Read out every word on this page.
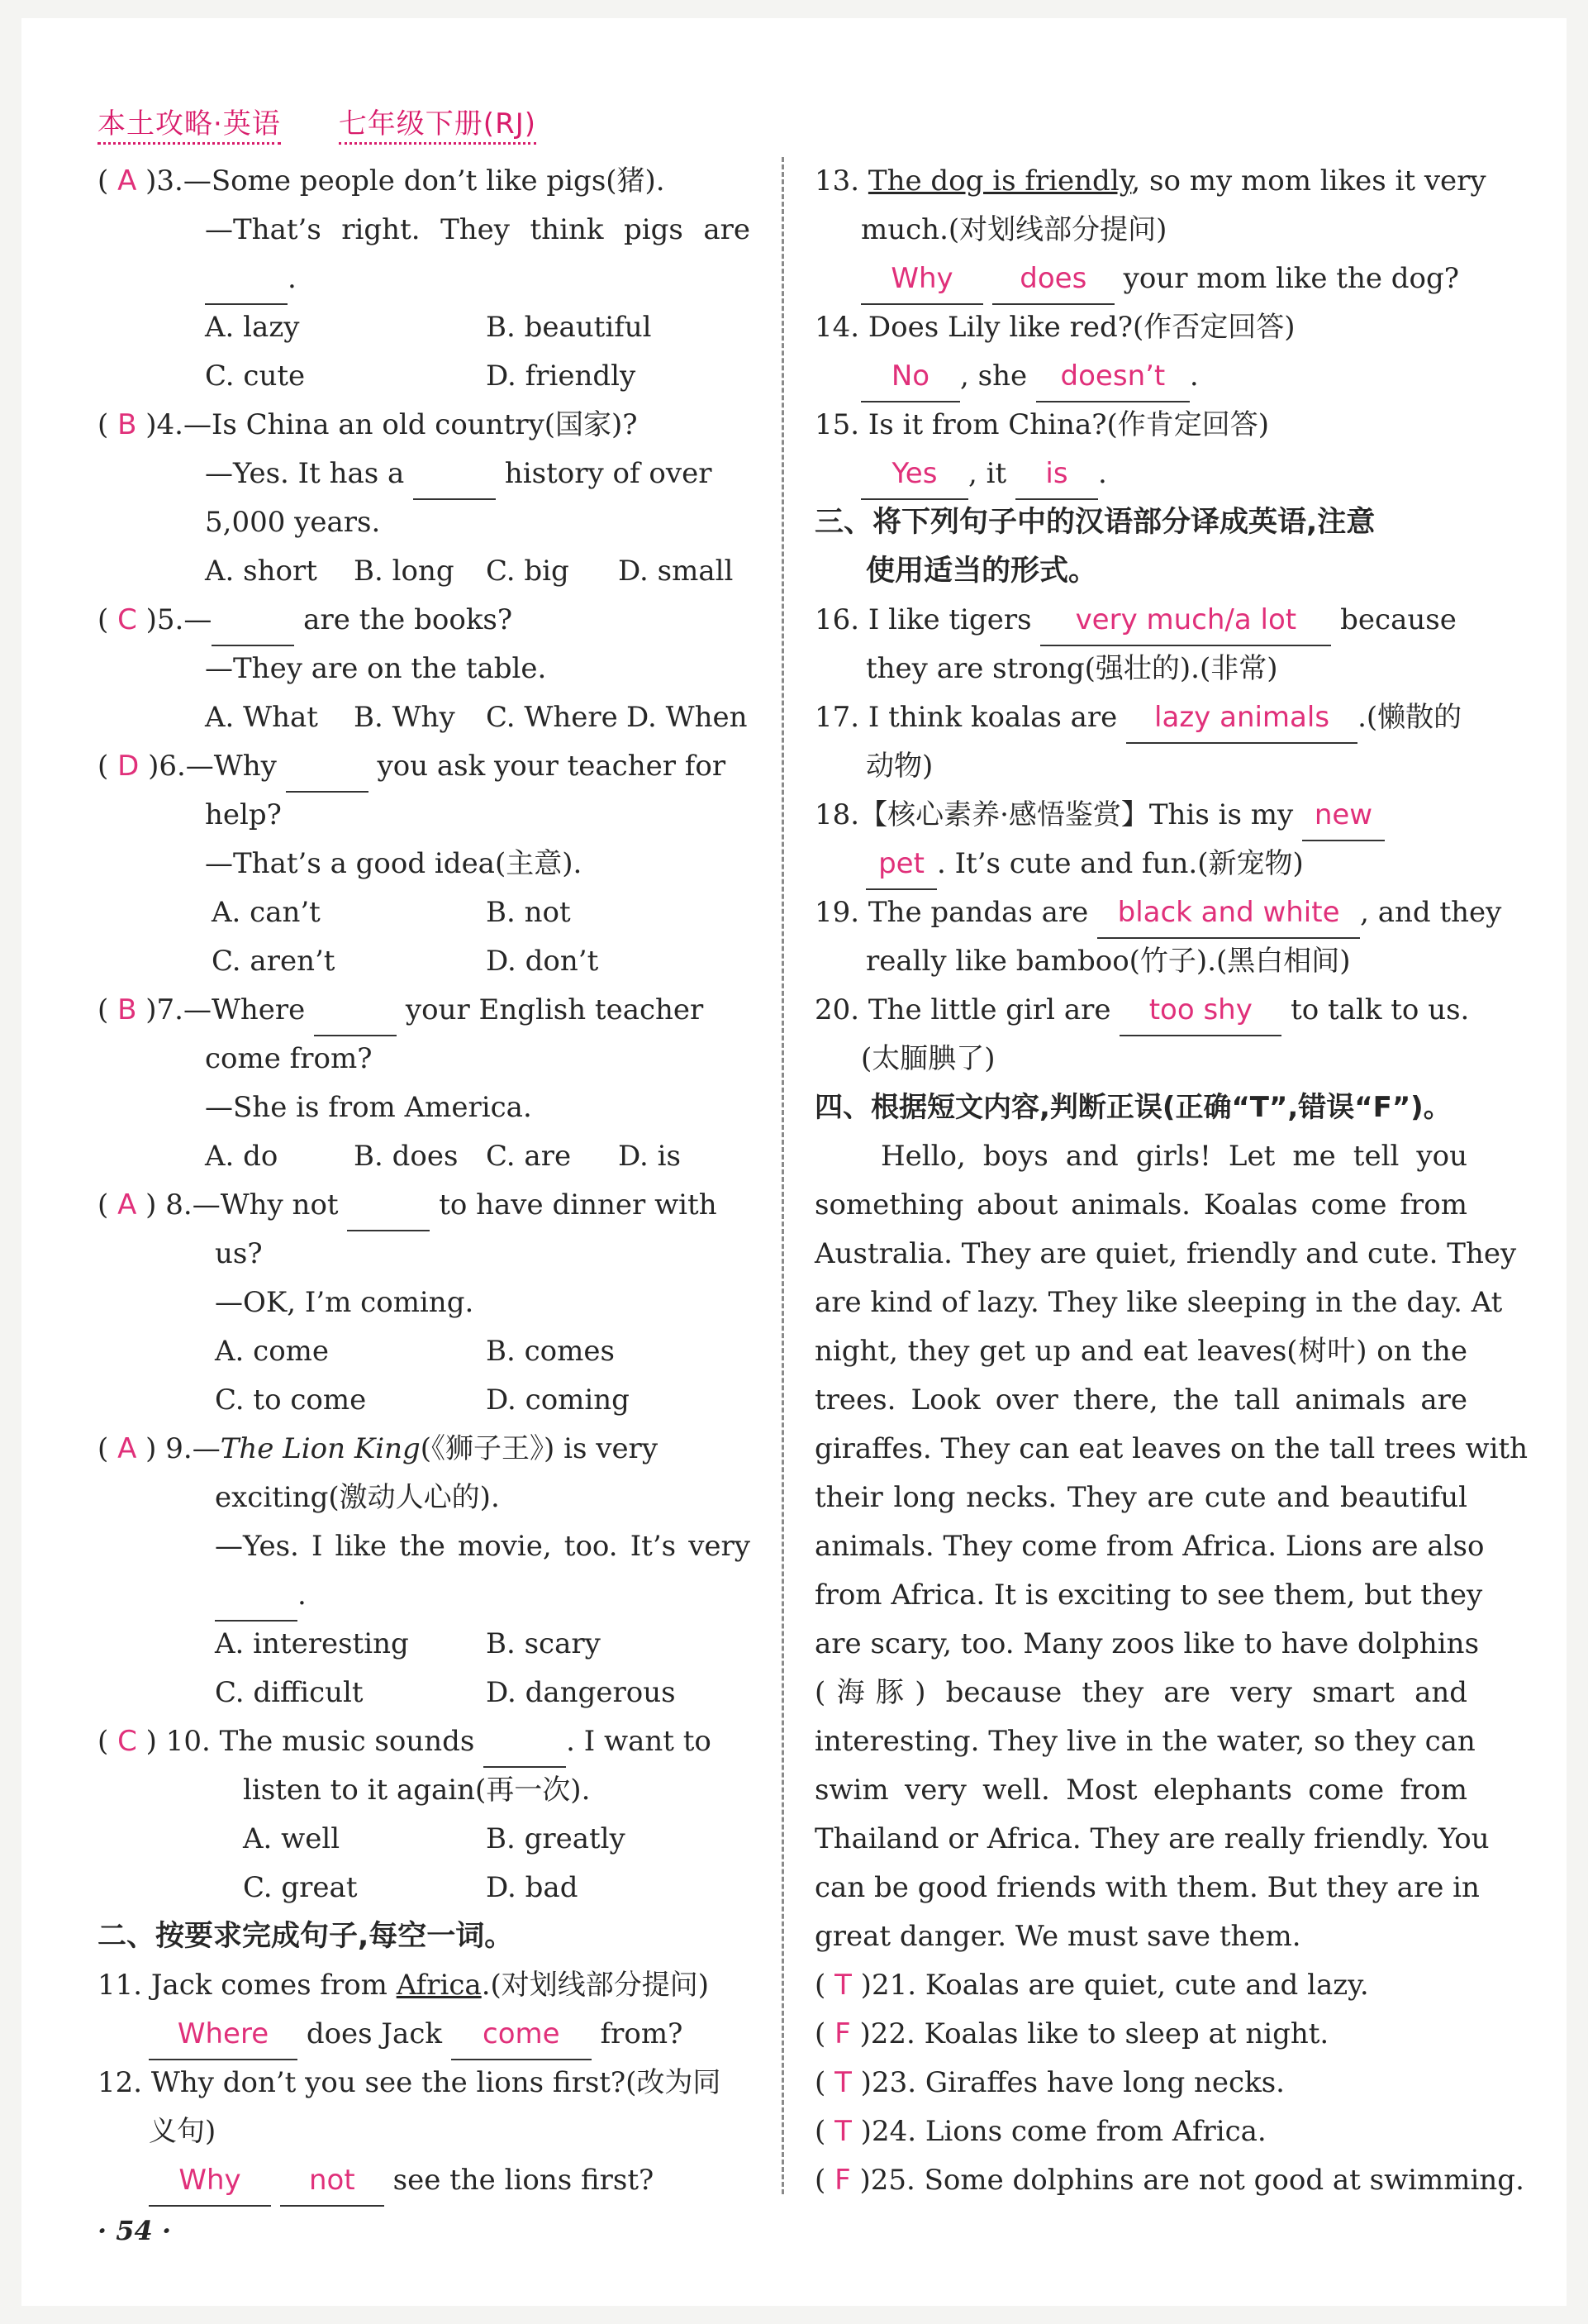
本土攻略·英语 七年级下册(RJ)
( A )3.—Some people don’t like pigs(猪).
—That’s right. They think pigs are
.
A. lazy	B. beautiful
C. cute	D. friendly
( B )4.—Is China an old country(国家)?
—Yes. It has a	history of over
5,000 years.
A. short B. long C. big D. small
( C )5.—	are the books?
—They are on the table.
A. What B. Why C. Where D. When
( D )6.—Why	you ask your teacher for
help?
—That’s a good idea(主意).
A. can’t	B. not
C. aren’t	D. don’t
( B )7.—Where	your English teacher
come from?
—She is from America.
A. do	B. does C. are D. is
( A ) 8.—Why not	to have dinner with
us?
—OK, I’m coming.
A. come	B. comes
C. to come	D. coming
( A ) 9.—The Lion King(《狮子王》) is very
exciting(激动人心的).
—Yes. I like the movie, too. It’s very
.
A. interesting	B. scary
C. difficult	D. dangerous
( C ) 10. The music sounds	. I want to
listen to it again(再一次).
A. well	B. greatly
C. great	D. bad
二、按要求完成句子,每空一词。
11. Jack comes from Africa.(对划线部分提问)
Where does Jack come from?
12. Why don’t you see the lions first?(改为同
义句)
Why not see the lions first?
13. The dog is friendly, so my mom likes it very
much.(对划线部分提问)
Why does your mom like the dog?
14. Does Lily like red?(作否定回答)
No , she doesn’t .
15. Is it from China?(作肯定回答)
Yes , it is .
三、将下列句子中的汉语部分译成英语,注意
使用适当的形式。
16. I like tigers very much/a lot because
they are strong(强壮的).(非常)
17. I think koalas are lazy animals .(懒散的
动物)
18.【核心素养·感悟鉴赏】This is my new
pet . It’s cute and fun.(新宠物)
19. The pandas are black and white , and they
really like bamboo(竹子).(黑白相间)
20. The little girl are too shy to talk to us.
(太腼腆了)
四、根据短文内容,判断正误(正确“T”,错误“F”)。
Hello, boys and girls! Let me tell you
something about animals. Koalas come from
Australia. They are quiet, friendly and cute. They
are kind of lazy. They like sleeping in the day. At
night, they get up and eat leaves(树叶) on the
trees. Look over there, the tall animals are
giraffes. They can eat leaves on the tall trees with
their long necks. They are cute and beautiful
animals. They come from Africa. Lions are also
from Africa. It is exciting to see them, but they
are scary, too. Many zoos like to have dolphins
(海豚) because they are very smart and
interesting. They live in the water, so they can
swim very well. Most elephants come from
Thailand or Africa. They are really friendly. You
can be good friends with them. But they are in
great danger. We must save them.
( T )21. Koalas are quiet, cute and lazy.
( F )22. Koalas like to sleep at night.
( T )23. Giraffes have long necks.
( T )24. Lions come from Africa.
( F )25. Some dolphins are not good at swimming.
· 54 ·
